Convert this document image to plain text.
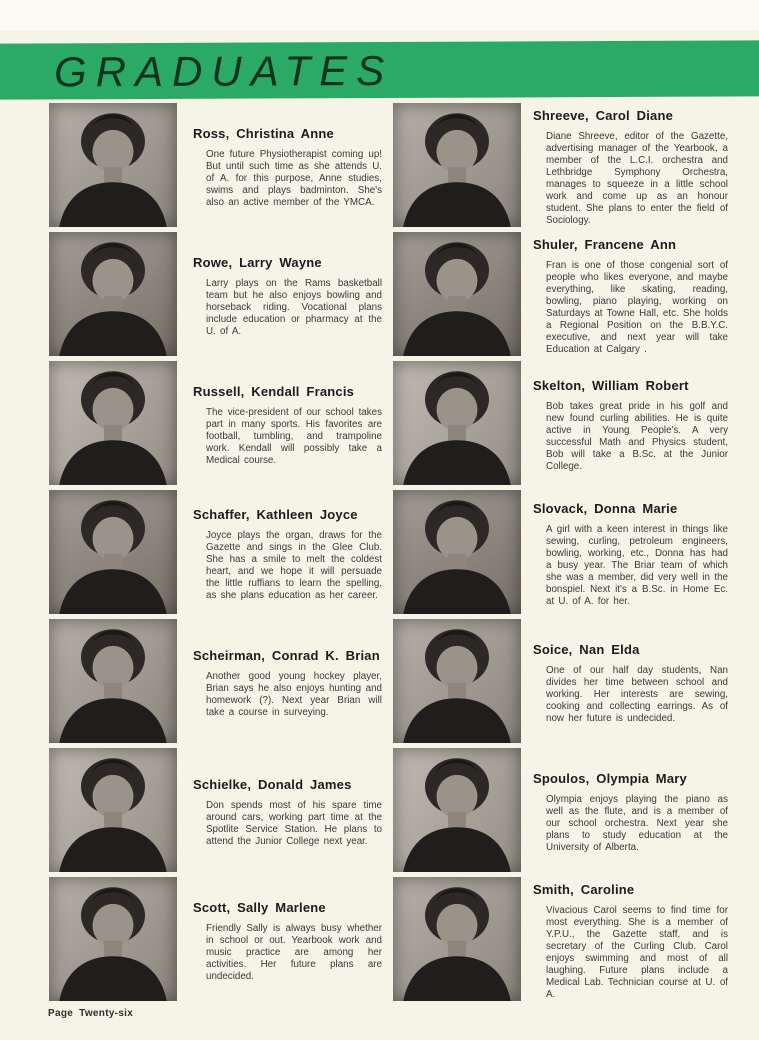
GRADUATES
Ross, Christina Anne

One future Physiotherapist coming up! But until such time as she attends U. of A. for this purpose, Anne studies, swims and plays badminton. She's also an active member of the YMCA.

Rowe, Larry Wayne

Larry plays on the Rams basketball team but he also enjoys bowling and horseback riding. Vocational plans include education or pharmacy at the U. of A.

Russell, Kendall Francis

The vice-president of our school takes part in many sports. His favorites are football, tumbling, and trampoline work. Kendall will possibly take a Medical course.

Schaffer, Kathleen Joyce

Joyce plays the organ, draws for the Gazette and sings in the Glee Club. She has a smile to melt the coldest heart, and we hope it will persuade the little ruffians to learn the spelling, as she plans education as her career.

Scheirman, Conrad K. Brian

Another good young hockey player, Brian says he also enjoys hunting and homework (?). Next year Brian will take a course in surveying.

Schielke, Donald James

Don spends most of his spare time around cars, working part time at the Spotlite Service Station. He plans to attend the Junior College next year.

Scott, Sally Marlene

Friendly Sally is always busy whether in school or out. Yearbook work and music practice are among her activities. Her future plans are undecided.

Shreeve, Carol Diane

Diane Shreeve, editor of the Gazette, advertising manager of the Yearbook, a member of the L.C.I. orchestra and Lethbridge Symphony Orchestra, manages to squeeze in a little school work and come up as an honour student. She plans to enter the field of Sociology.

Shuler, Francene Ann

Fran is one of those congenial sort of people who likes everyone, and maybe everything, like skating, reading, bowling, piano playing, working on Saturdays at Towne Hall, etc. She holds a Regional Position on the B.B.Y.C. executive, and next year will take Education at Calgary .

Skelton, William Robert

Bob takes great pride in his golf and new found curling abilities. He is quite active in Young People's. A very successful Math and Physics student, Bob will take a B.Sc. at the Junior College.

Slovack, Donna Marie

A girl with a keen interest in things like sewing, curling, petroleum engineers, bowling, working, etc., Donna has had a busy year. The Briar team of which she was a member, did very well in the bonspiel. Next it's a B.Sc. in Home Ec. at U. of A. for her.

Soice, Nan Elda

One of our half day students, Nan divides her time between school and working. Her interests are sewing, cooking and collecting earrings. As of now her future is undecided.

Spoulos, Olympia Mary

Olympia enjoys playing the piano as well as the flute, and is a member of our school orchestra. Next year she plans to study education at the University of Alberta.

Smith, Caroline

Vivacious Carol seems to find time for most everything. She is a member of Y.P.U., the Gazette staff, and is secretary of the Curling Club. Carol enjoys swimming and most of all laughing. Future plans include a Medical Lab. Technician course at U. of A.

Page Twenty-six
